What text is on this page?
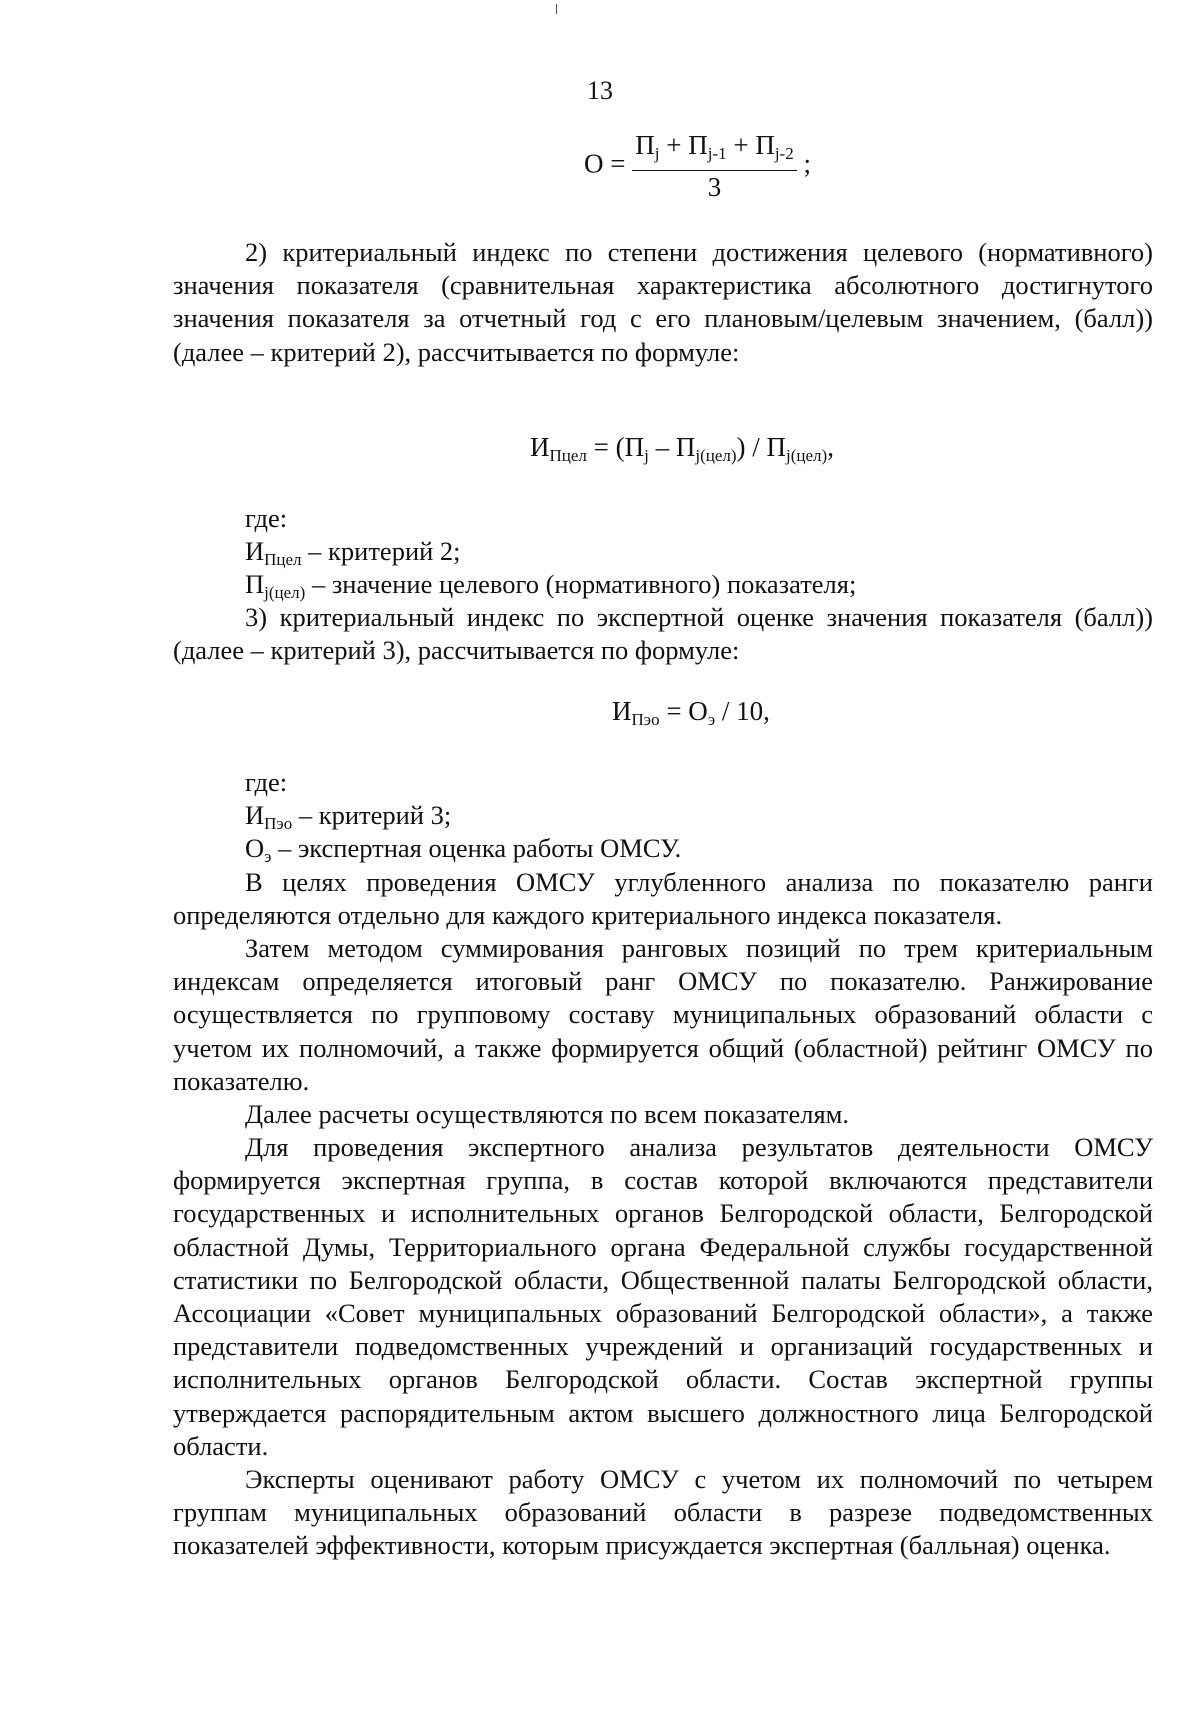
13
$О = \frac{П_j + П_{j-1} + П_{j-2}}{3}$ ;

2) критериальный индекс по степени достижения целевого (нормативного) значения показателя (сравнительная характеристика абсолютного достигнутого значения показателя за отчетный год с его плановым/целевым значением, (балл)) (далее – критерий 2), рассчитывается по формуле:

$И_{Пцел} = (П_j - П_{j(цел)}) / П_{j(цел)}$,

где:

$И_{Пцел}$ – критерий 2;

$П_{j(цел)}$ – значение целевого (нормативного) показателя;

3) критериальный индекс по экспертной оценке значения показателя (балл)) (далее – критерий 3), рассчитывается по формуле:

$И_{Пэо} = О_э / 10$,

где:

$И_{Пэо}$ – критерий 3;

$О_э$ – экспертная оценка работы ОМСУ.

В целях проведения ОМСУ углубленного анализа по показателю ранги определяются отдельно для каждого критериального индекса показателя.

Затем методом суммирования ранговых позиций по трем критериальным индексам определяется итоговый ранг ОМСУ по показателю. Ранжирование осуществляется по групповому составу муниципальных образований области с учетом их полномочий, а также формируется общий (областной) рейтинг ОМСУ по показателю.

Далее расчеты осуществляются по всем показателям.

Для проведения экспертного анализа результатов деятельности ОМСУ формируется экспертная группа, в состав которой включаются представители государственных и исполнительных органов Белгородской области, Белгородской областной Думы, Территориального органа Федеральной службы государственной статистики по Белгородской области, Общественной палаты Белгородской области, Ассоциации «Совет муниципальных образований Белгородской области», а также представители подведомственных учреждений и организаций государственных и исполнительных органов Белгородской области. Состав экспертной группы утверждается распорядительным актом высшего должностного лица Белгородской области.

Эксперты оценивают работу ОМСУ с учетом их полномочий по четырем группам муниципальных образований области в разрезе подведомственных показателей эффективности, которым присуждается экспертная (балльная) оценка.
